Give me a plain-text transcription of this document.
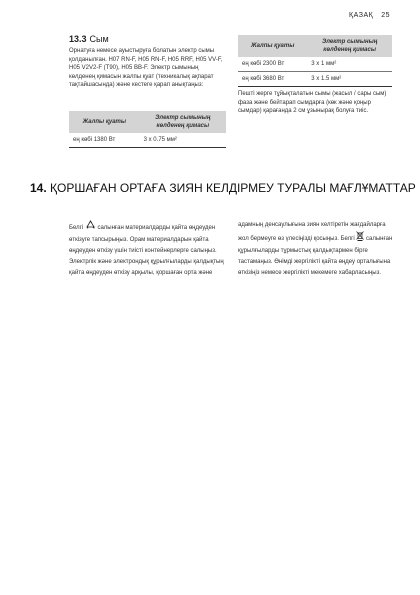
ҚАЗАҚ 25
13.3 Сым
Орнатуға немесе ауыстыруға болатын электр сымы қолданылған. H07 RN-F, H05 RN-F, H05 RRF, H05 VV-F, H05 V2V2-F (T90), H05 BB-F. Электр сымының көлденең қимасын жалпы қуат (техникалық ақпарат тақтайшасында) және кестеге қарап анықтаңыз:
Жалпы қуаты	Электр сымының көлденең қимасы
ең көбі 1380 Вт	3 x 0.75 мм²
Жалпы қуаты	Электр сымының көлденең қимасы
ең көбі 2300 Вт	3 x 1 мм²
ең көбі 3680 Вт	3 x 1.5 мм²
Пешті жерге тұйықталатын сымы (жасыл / сары сым) фаза және бейтарап сымдарға (көк және қоңыр сымдар) қарағанда 2 см ұзынырақ болуға тиіс.
14. ҚОРШАҒАН ОРТАҒА ЗИЯН КЕЛДІРМЕУ ТУРАЛЫ МАҒЛҰМАТТАР
Белгі салынған материалдарды қайта өңдеуден өткізуге тапсырыңыз. Орам материалдарын қайта өңдеуден өткізу үшін тиісті контейнерлерге салыңыз. Электрлік және электрондық құрылғыларды қалдықтың қайта өңдеуден өткізу арқылы, қоршаған орта және
адамның денсаулығына зиян келтіретін жағдайларға жол бермеуге өз үлесіңізді қосыңыз. Белгі салынған құрылғыларды тұрмыстық қалдықтармен бірге тастамаңыз. Өнімді жергілікті қайта өңдеу орталығына өткізіңіз немесе жергілікті мекемеге хабарласыңыз.
